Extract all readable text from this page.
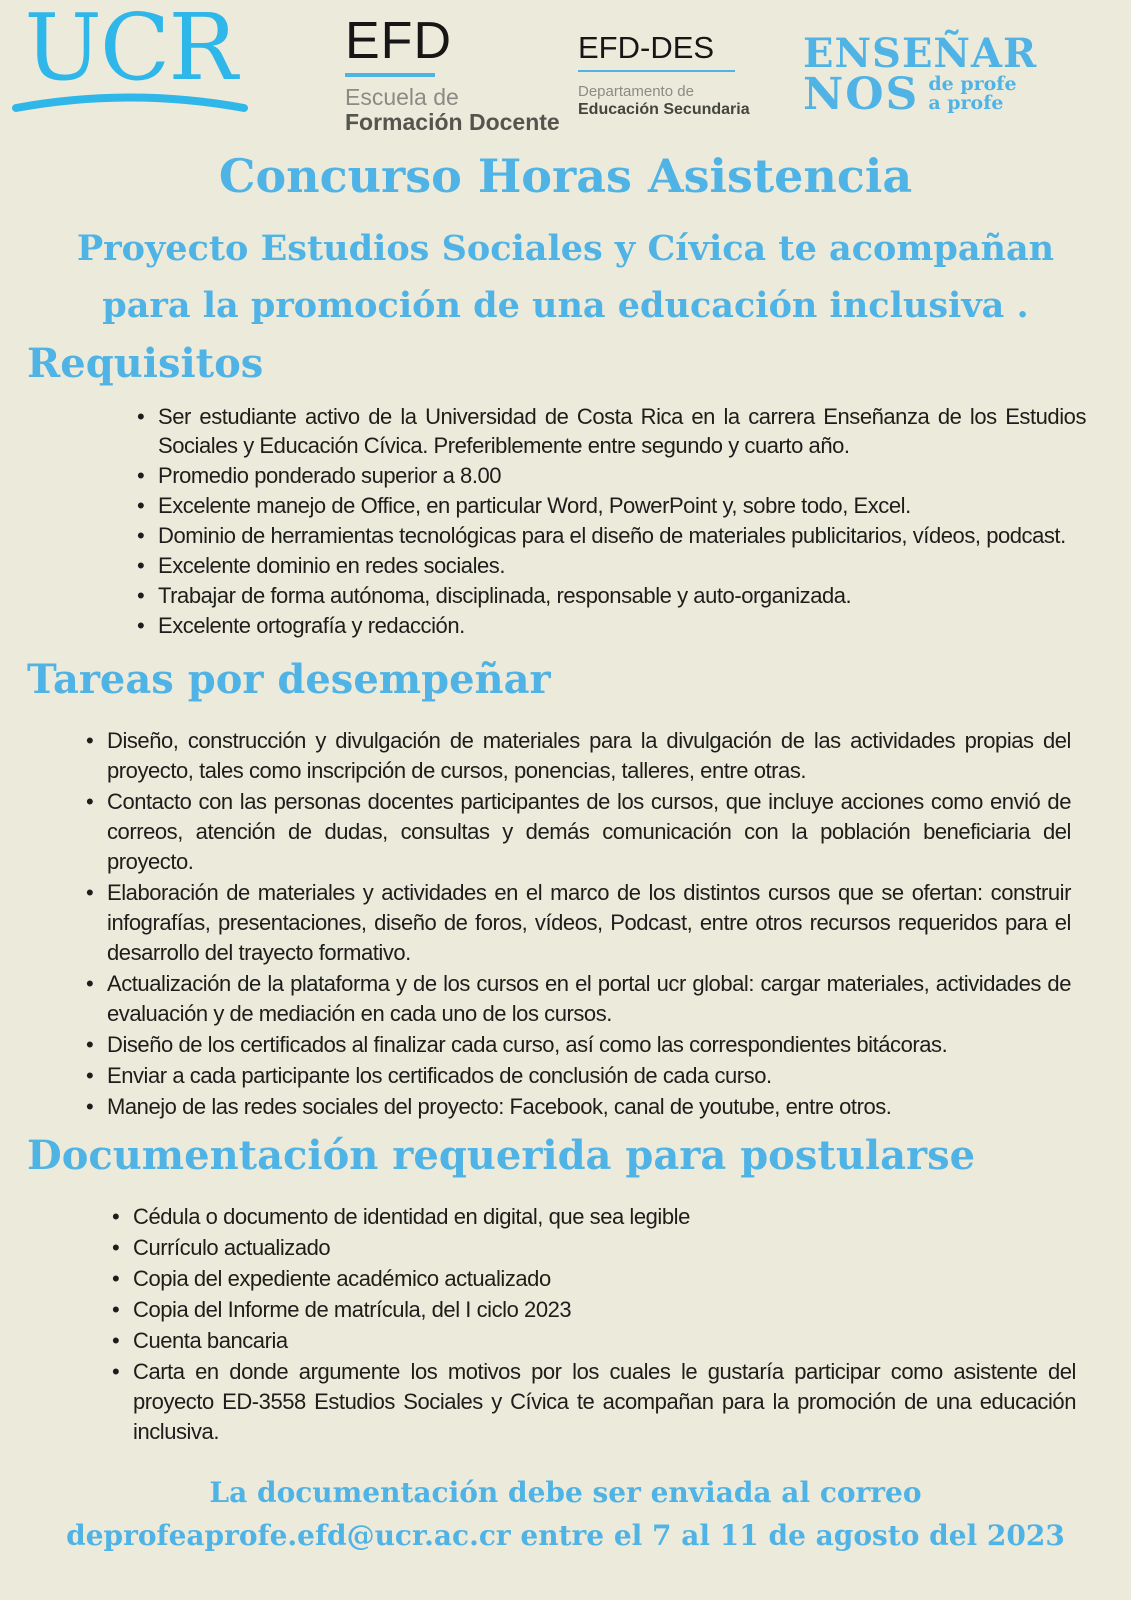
UCR EFD
Escuela de
Formación Docente
EFD-DES
Departamento de
Educación Secundaria
ENSEÑAR
NOS de profe
a profe
Concurso Horas Asistencia
Proyecto Estudios Sociales y Cívica te acompañan
para la promoción de una educación inclusiva .
Requisitos
• Ser estudiante activo de la Universidad de Costa Rica en la carrera Enseñanza de los Estudios Sociales y Educación Cívica. Preferiblemente entre segundo y cuarto año.
• Promedio ponderado superior a 8.00
• Excelente manejo de Office, en particular Word, PowerPoint y, sobre todo, Excel.
• Dominio de herramientas tecnológicas para el diseño de materiales publicitarios, vídeos, podcast.
• Excelente dominio en redes sociales.
• Trabajar de forma autónoma, disciplinada, responsable y auto-organizada.
• Excelente ortografía y redacción.
Tareas por desempeñar
• Diseño, construcción y divulgación de materiales para la divulgación de las actividades propias del proyecto, tales como inscripción de cursos, ponencias, talleres, entre otras.
• Contacto con las personas docentes participantes de los cursos, que incluye acciones como envió de correos, atención de dudas, consultas y demás comunicación con la población beneficiaria del proyecto.
• Elaboración de materiales y actividades en el marco de los distintos cursos que se ofertan: construir infografías, presentaciones, diseño de foros, vídeos, Podcast, entre otros recursos requeridos para el desarrollo del trayecto formativo.
• Actualización de la plataforma y de los cursos en el portal ucr global: cargar materiales, actividades de evaluación y de mediación en cada uno de los cursos.
• Diseño de los certificados al finalizar cada curso, así como las correspondientes bitácoras.
• Enviar a cada participante los certificados de conclusión de cada curso.
• Manejo de las redes sociales del proyecto: Facebook, canal de youtube, entre otros.
Documentación requerida para postularse
• Cédula o documento de identidad en digital, que sea legible
• Currículo actualizado
• Copia del expediente académico actualizado
• Copia del Informe de matrícula, del I ciclo 2023
• Cuenta bancaria
• Carta en donde argumente los motivos por los cuales le gustaría participar como asistente del proyecto ED-3558 Estudios Sociales y Cívica te acompañan para la promoción de una educación inclusiva.
La documentación debe ser enviada al correo
deprofeaprofe.efd@ucr.ac.cr entre el 7 al 11 de agosto del 2023
